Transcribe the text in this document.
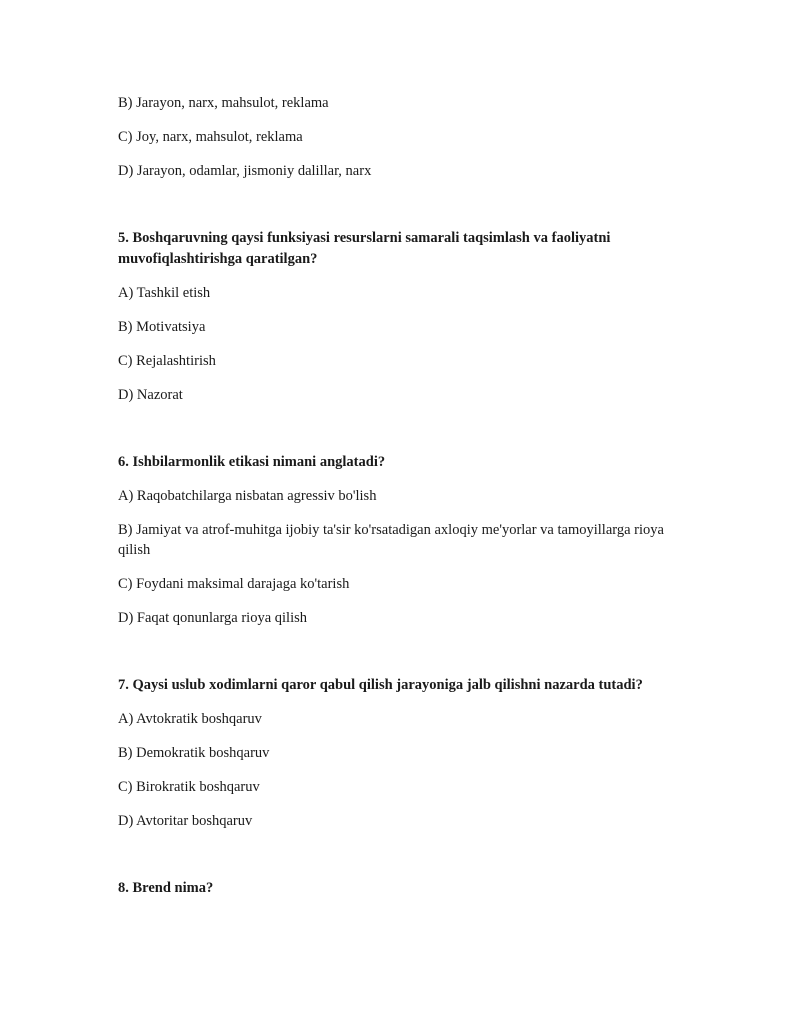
B) Jarayon, narx, mahsulot, reklama

C) Joy, narx, mahsulot, reklama

D) Jarayon, odamlar, jismoniy dalillar, narx

5. Boshqaruvning qaysi funksiyasi resurslarni samarali taqsimlash va faoliyatni muvofiqlashtirishga qaratilgan?

A) Tashkil etish

B) Motivatsiya

C) Rejalashtirish

D) Nazorat

6. Ishbilarmonlik etikasi nimani anglatadi?

A) Raqobatchilarga nisbatan agressiv bo'lish

B) Jamiyat va atrof-muhitga ijobiy ta'sir ko'rsatadigan axloqiy me'yorlar va tamoyillarga rioya qilish

C) Foydani maksimal darajaga ko'tarish

D) Faqat qonunlarga rioya qilish

7. Qaysi uslub xodimlarni qaror qabul qilish jarayoniga jalb qilishni nazarda tutadi?

A) Avtokratik boshqaruv

B) Demokratik boshqaruv

C) Birokratik boshqaruv

D) Avtoritar boshqaruv

8. Brend nima?
